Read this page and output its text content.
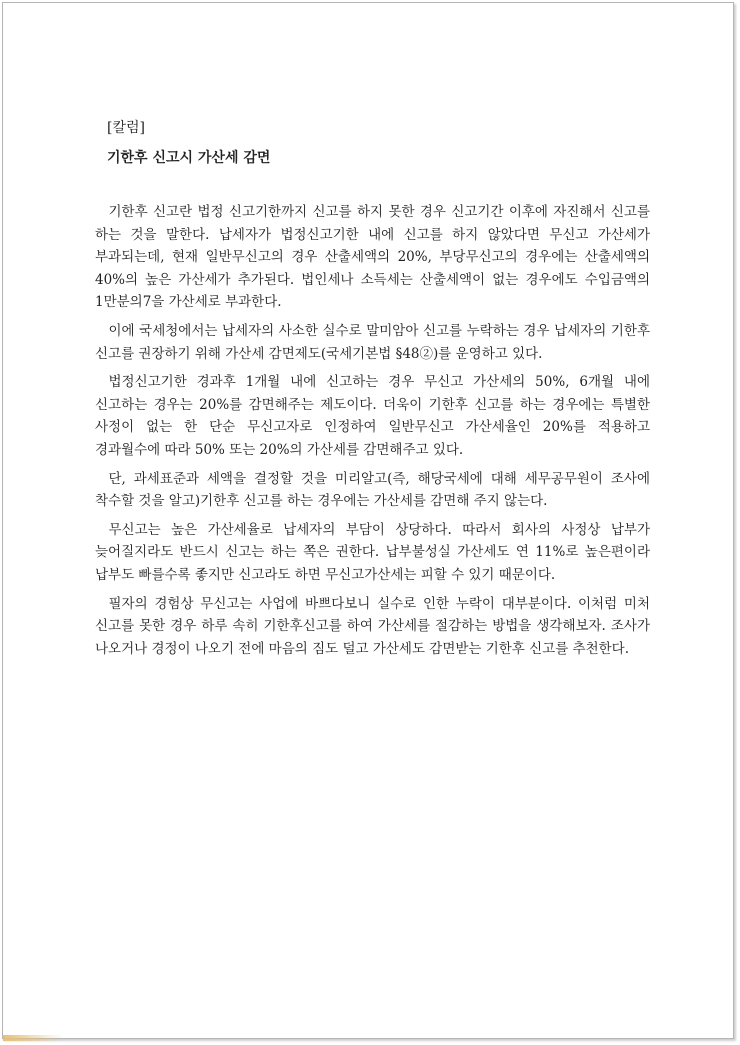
[칼럼]
기한후 신고시 가산세 감면

기한후 신고란 법정 신고기한까지 신고를 하지 못한 경우 신고기간 이후에 자진해서 신고를 하는 것을 말한다. 납세자가 법정신고기한 내에 신고를 하지 않았다면 무신고 가산세가 부과되는데, 현재 일반무신고의 경우 산출세액의 20%, 부당무신고의 경우에는 산출세액의 40%의 높은 가산세가 추가된다. 법인세나 소득세는 산출세액이 없는 경우에도 수입금액의 1만분의7을 가산세로 부과한다.

이에 국세청에서는 납세자의 사소한 실수로 말미암아 신고를 누락하는 경우 납세자의 기한후 신고를 권장하기 위해 가산세 감면제도(국세기본법 §48②)를 운영하고 있다.

법정신고기한 경과후 1개월 내에 신고하는 경우 무신고 가산세의 50%, 6개월 내에 신고하는 경우는 20%를 감면해주는 제도이다. 더욱이 기한후 신고를 하는 경우에는 특별한 사정이 없는 한 단순 무신고자로 인정하여 일반무신고 가산세율인 20%를 적용하고 경과월수에 따라 50% 또는 20%의 가산세를 감면해주고 있다.

단, 과세표준과 세액을 결정할 것을 미리알고(즉, 해당국세에 대해 세무공무원이 조사에 착수할 것을 알고)기한후 신고를 하는 경우에는 가산세를 감면해 주지 않는다.

무신고는 높은 가산세율로 납세자의 부담이 상당하다. 따라서 회사의 사정상 납부가 늦어질지라도 반드시 신고는 하는 쪽은 권한다. 납부불성실 가산세도 연 11%로 높은편이라 납부도 빠를수록 좋지만 신고라도 하면 무신고가산세는 피할 수 있기 때문이다.

필자의 경험상 무신고는 사업에 바쁘다보니 실수로 인한 누락이 대부분이다. 이처럼 미처 신고를 못한 경우 하루 속히 기한후신고를 하여 가산세를 절감하는 방법을 생각해보자. 조사가 나오거나 경정이 나오기 전에 마음의 짐도 덜고 가산세도 감면받는 기한후 신고를 추천한다.
